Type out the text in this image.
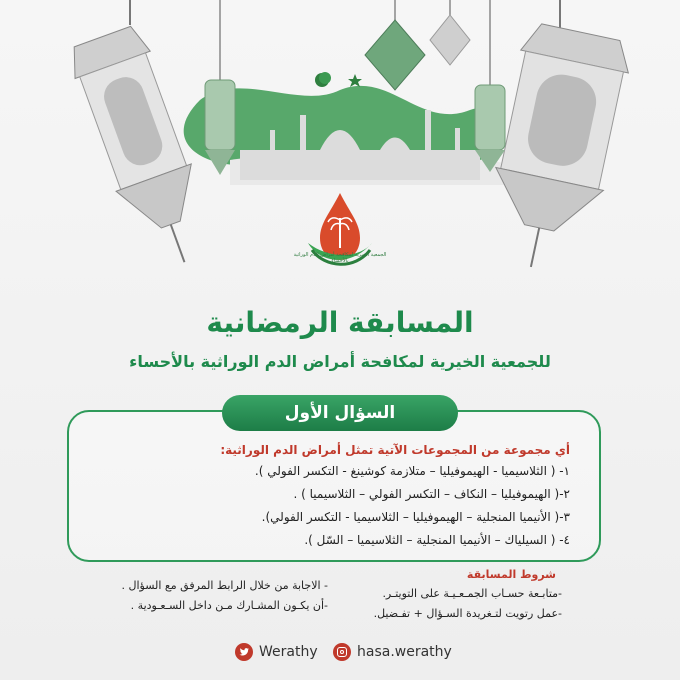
الجمعية الخيرية لمكافحة أمراض الدم الوراثية بالأحساء
المسابقة الرمضانية
للجمعية الخيرية لمكافحة أمراض الدم الوراثية بالأحساء
السؤال الأول
أي مجموعة من المجموعات الآتية تمثل أمراض الدم الوراثية:
١- ( الثلاسيميا - الهيموفيليا – متلازمة كوشينغ - التكسر الفولي ).
٢-( الهيموفيليا – النكاف – التكسر الفولي – الثلاسيميا ) .
٣-( الأنيميا المنجلية – الهيموفيليا – الثلاسيميا - التكسر الفولي).
٤- ( السيلياك – الأنيميا المنجلية – الثلاسيميا – السّل ).
شروط المسابقة
-متابـعة حسـاب الجمـعـيـة على التويتـر.
-عمل رتويت لتـغريدة السـؤال + تفـضيل.
- الاجابة من خلال الرابط المرفق مع السؤال .
-أن يكـون المشـارك مـن داخل السـعـودية .
Werathy	hasa.werathy
